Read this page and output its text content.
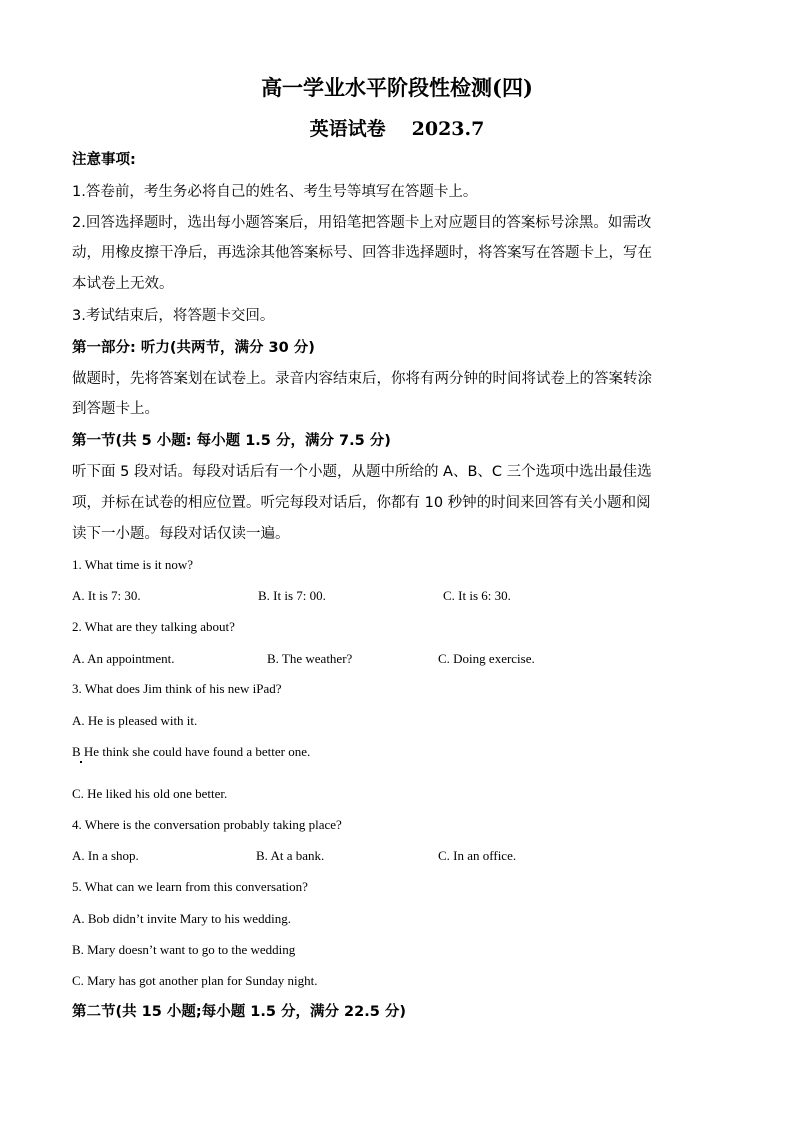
高一学业水平阶段性检测(四)
英语试卷 2023.7
注意事项:
1.答卷前，考生务必将自己的姓名、考生号等填写在答题卡上。
2.回答选择题时，选出每小题答案后，用铅笔把答题卡上对应题目的答案标号涂黑。如需改
动，用橡皮擦干净后，再选涂其他答案标号、回答非选择题时，将答案写在答题卡上，写在
本试卷上无效。
3.考试结束后，将答题卡交回。
第一部分: 听力(共两节，满分 30 分)
做题时，先将答案划在试卷上。录音内容结束后，你将有两分钟的时间将试卷上的答案转涂
到答题卡上。
第一节(共 5 小题: 每小题 1.5 分，满分 7.5 分)
听下面 5 段对话。每段对话后有一个小题，从题中所给的 A、B、C 三个选项中选出最佳选
项，并标在试卷的相应位置。听完每段对话后，你都有 10 秒钟的时间来回答有关小题和阅
读下一小题。每段对话仅读一遍。
1. What time is it now?
A. It is 7: 30.	B. It is 7: 00.	C. It is 6: 30.
2. What are they talking about?
A. An appointment.	B. The weather?	C. Doing exercise.
3. What does Jim think of his new iPad?
A. He is pleased with it.
B He think she could have found a better one.
C. He liked his old one better.
4. Where is the conversation probably taking place?
A. In a shop.	B. At a bank.	C. In an office.
5. What can we learn from this conversation?
A. Bob didn’t invite Mary to his wedding.
B. Mary doesn’t want to go to the wedding
C. Mary has got another plan for Sunday night.
第二节(共 15 小题;每小题 1.5 分，满分 22.5 分)
